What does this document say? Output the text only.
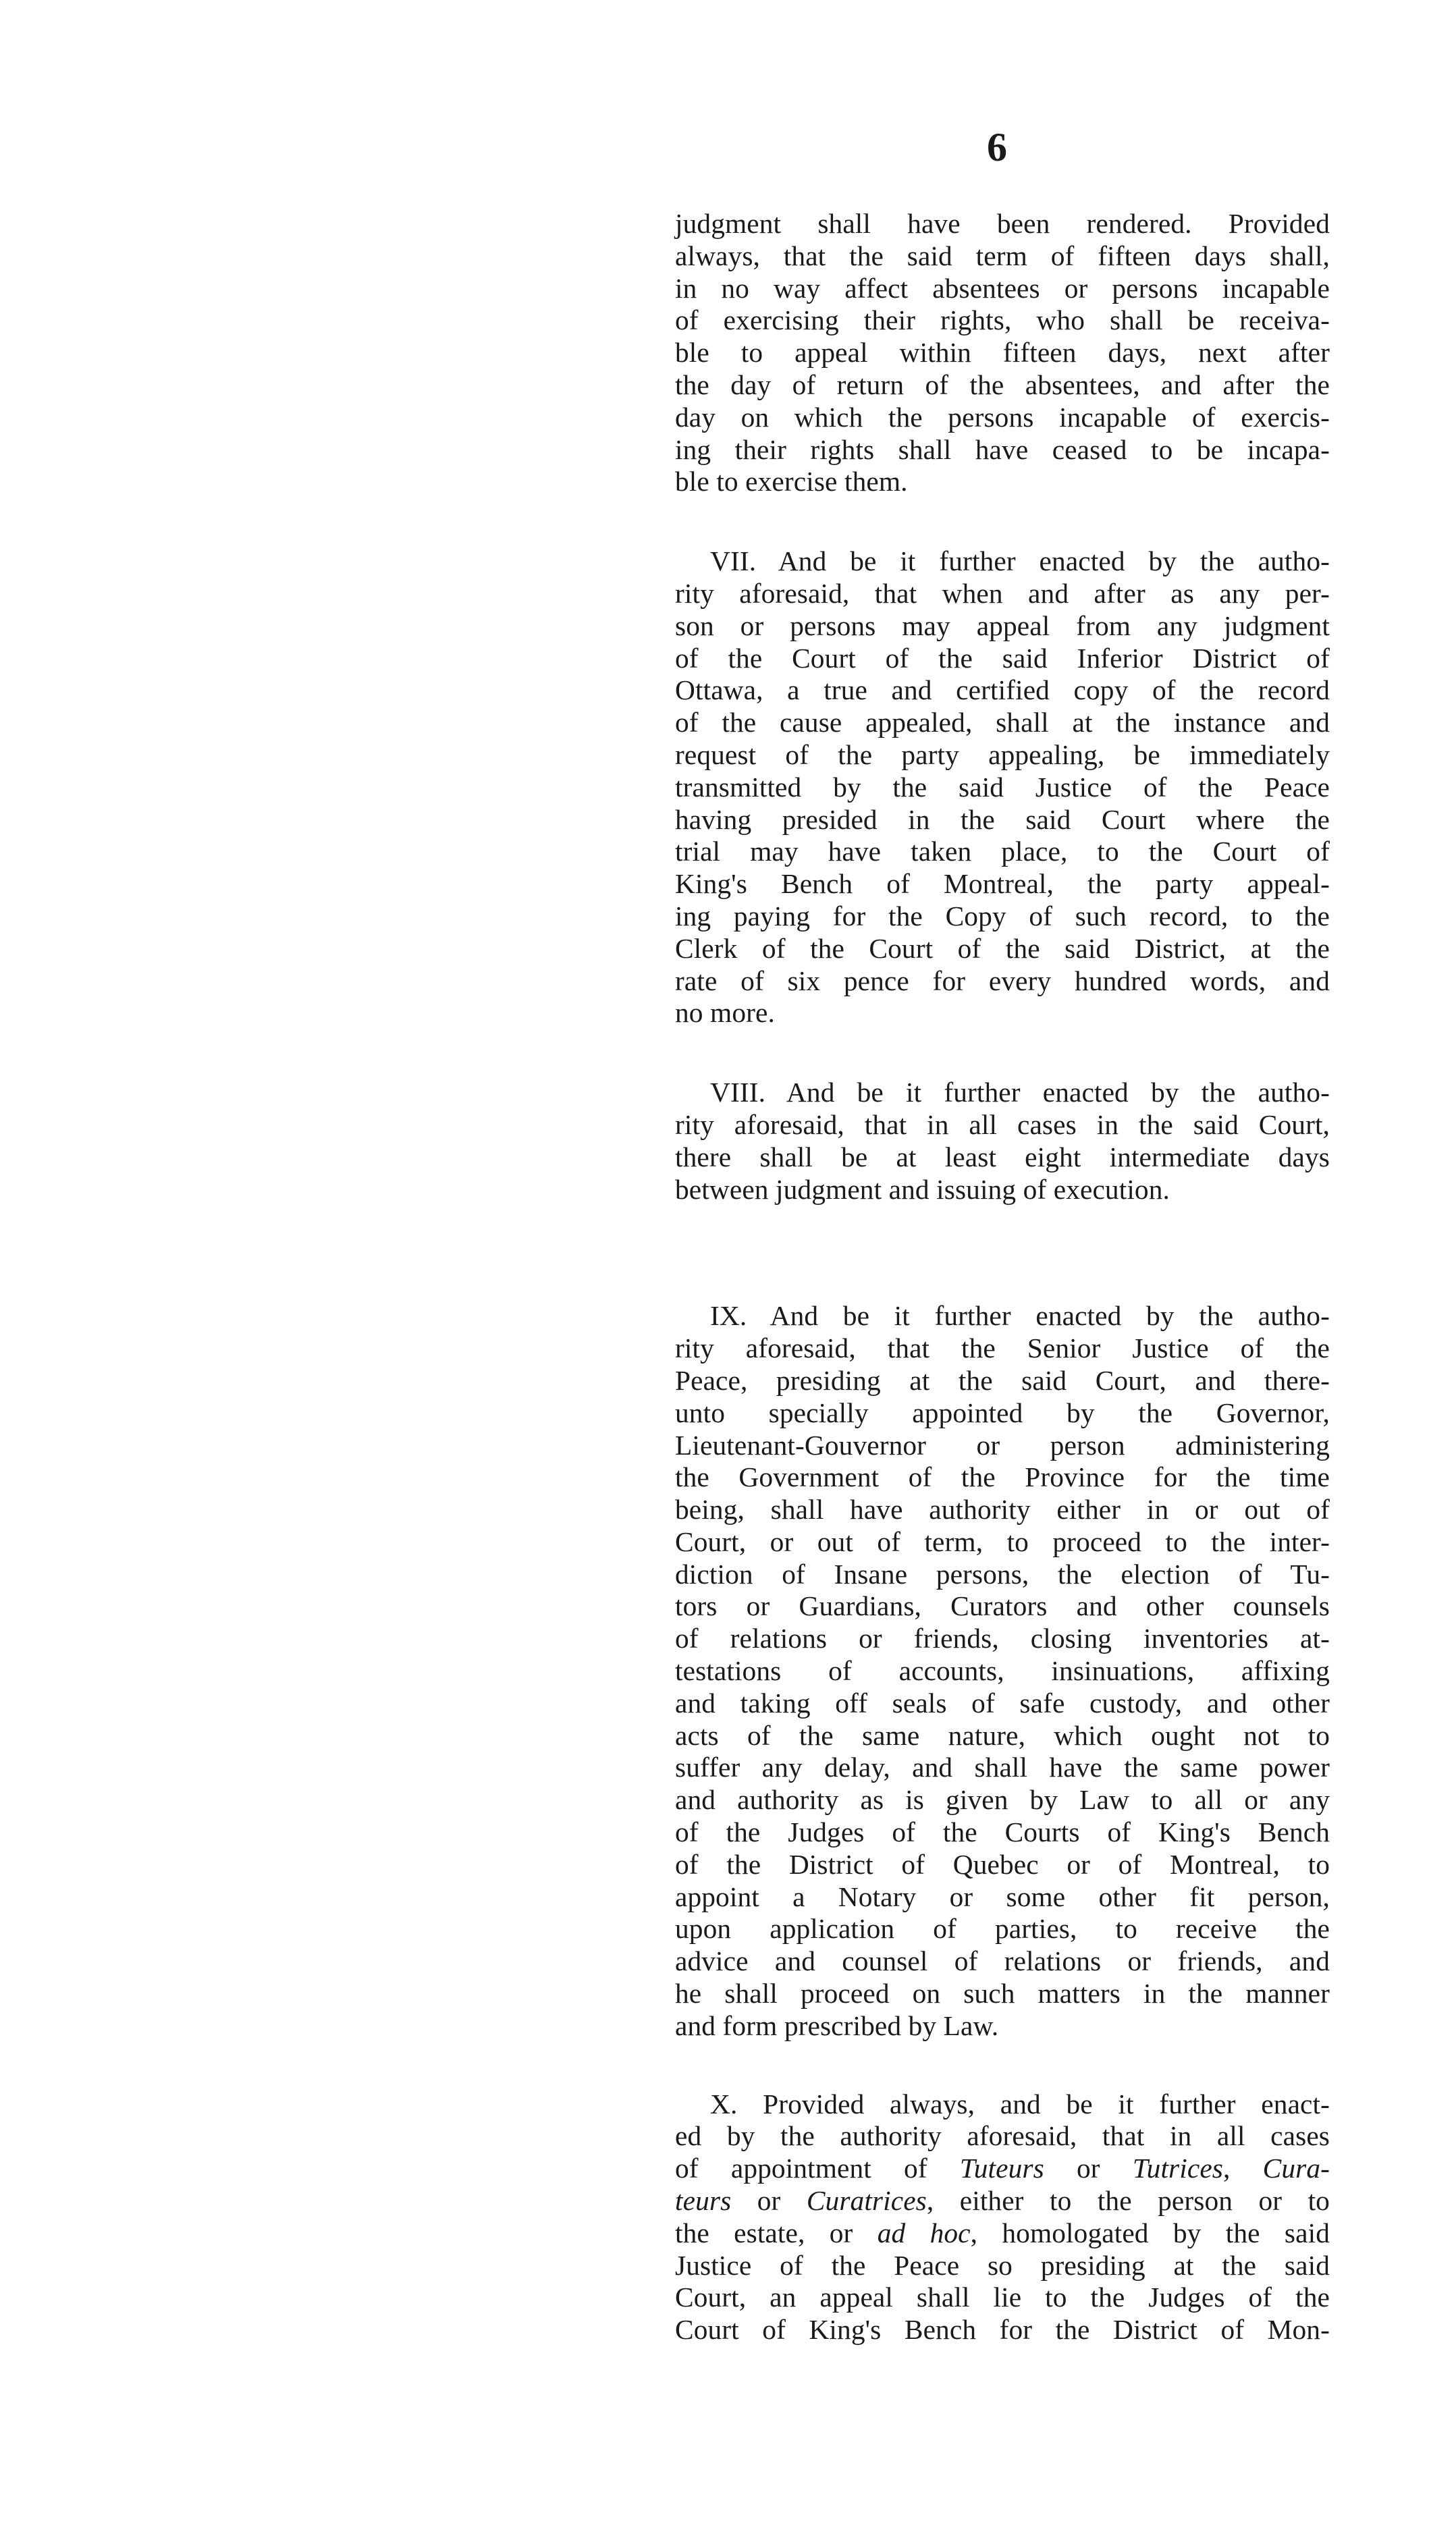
6
judgment shall have been rendered. Provided
always, that the said term of fifteen days shall,
in no way affect absentees or persons incapable
of exercising their rights, who shall be receiva-
ble to appeal within fifteen days, next after
the day of return of the absentees, and after the
day on which the persons incapable of exercis-
ing their rights shall have ceased to be incapa-
ble to exercise them.
VII. And be it further enacted by the autho-
rity aforesaid, that when and after as any per-
son or persons may appeal from any judgment
of the Court of the said Inferior District of
Ottawa, a true and certified copy of the record
of the cause appealed, shall at the instance and
request of the party appealing, be immediately
transmitted by the said Justice of the Peace
having presided in the said Court where the
trial may have taken place, to the Court of
King's Bench of Montreal, the party appeal-
ing paying for the Copy of such record, to the
Clerk of the Court of the said District, at the
rate of six pence for every hundred words, and
no more.
VIII. And be it further enacted by the autho-
rity aforesaid, that in all cases in the said Court,
there shall be at least eight intermediate days
between judgment and issuing of execution.
IX. And be it further enacted by the autho-
rity aforesaid, that the Senior Justice of the
Peace, presiding at the said Court, and there-
unto specially appointed by the Governor,
Lieutenant-Gouvernor or person administering
the Government of the Province for the time
being, shall have authority either in or out of
Court, or out of term, to proceed to the inter-
diction of Insane persons, the election of Tu-
tors or Guardians, Curators and other counsels
of relations or friends, closing inventories at-
testations of accounts, insinuations, affixing
and taking off seals of safe custody, and other
acts of the same nature, which ought not to
suffer any delay, and shall have the same power
and authority as is given by Law to all or any
of the Judges of the Courts of King's Bench
of the District of Quebec or of Montreal, to
appoint a Notary or some other fit person,
upon application of parties, to receive the
advice and counsel of relations or friends, and
he shall proceed on such matters in the manner
and form prescribed by Law.
X. Provided always, and be it further enact-
ed by the authority aforesaid, that in all cases
of appointment of Tuteurs or Tutrices, Cura-
teurs or Curatrices, either to the person or to
the estate, or ad hoc, homologated by the said
Justice of the Peace so presiding at the said
Court, an appeal shall lie to the Judges of the
Court of King's Bench for the District of Mon-
